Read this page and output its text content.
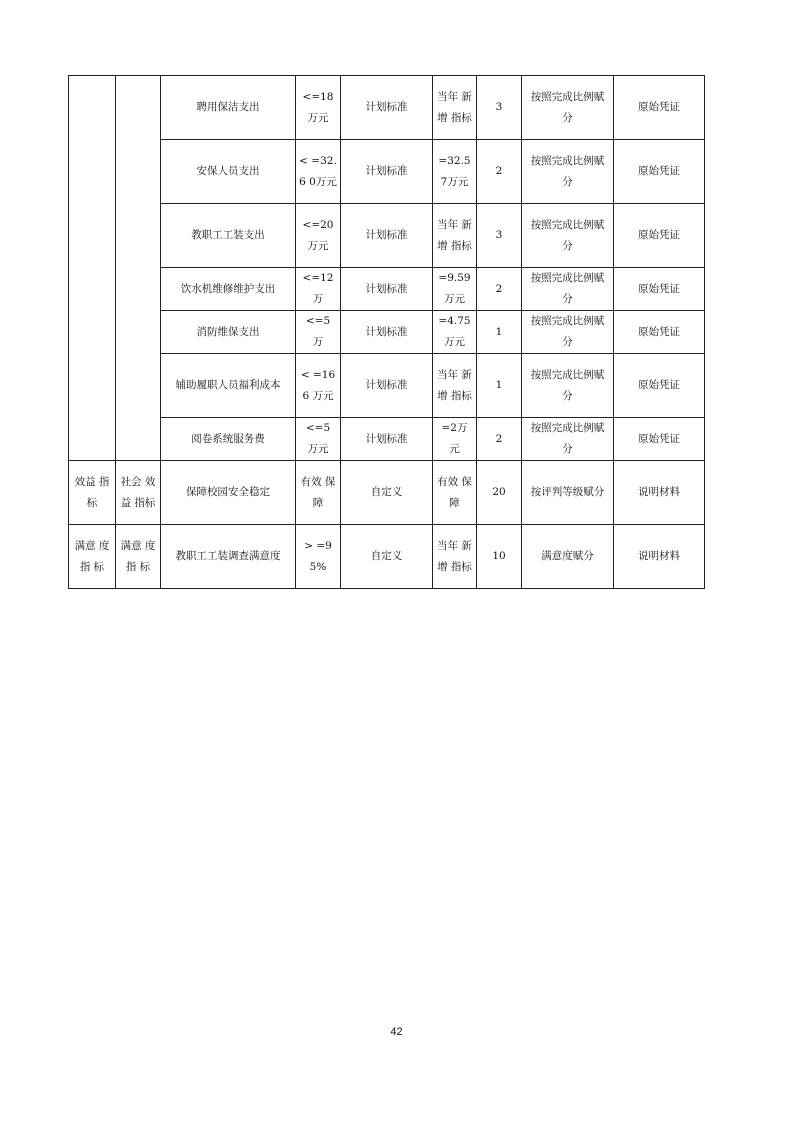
		聘用保洁支出	<=18 万元	计划标准	当年 新增 指标	3	按照完成比例赋 分	原始凭证
		安保人员支出	< =32.6 0万元	计划标准	=32.5 7万元	2	按照完成比例赋 分	原始凭证
		教职工工装支出	<=20 万元	计划标准	当年 新增 指标	3	按照完成比例赋 分	原始凭证
		饮水机维修维护支出	<=12 万	计划标准	=9.59 万元	2	按照完成比例赋 分	原始凭证
		消防维保支出	<=5 万	计划标准	=4.75 万元	1	按照完成比例赋 分	原始凭证
		辅助履职人员福利成本	< =166 万元	计划标准	当年 新增 指标	1	按照完成比例赋 分	原始凭证
		阅卷系统服务费	<=5 万元	计划标准	=2万 元	2	按照完成比例赋 分	原始凭证
效益 指标	社会 效益 指标	保障校园安全稳定	有效 保障	自定义	有效 保障	20	按评判等级赋分	说明材料
满意 度指 标	满意 度指 标	教职工工装调查满意度	> =95%	自定义	当年 新增 指标	10	满意度赋分	说明材料
42
